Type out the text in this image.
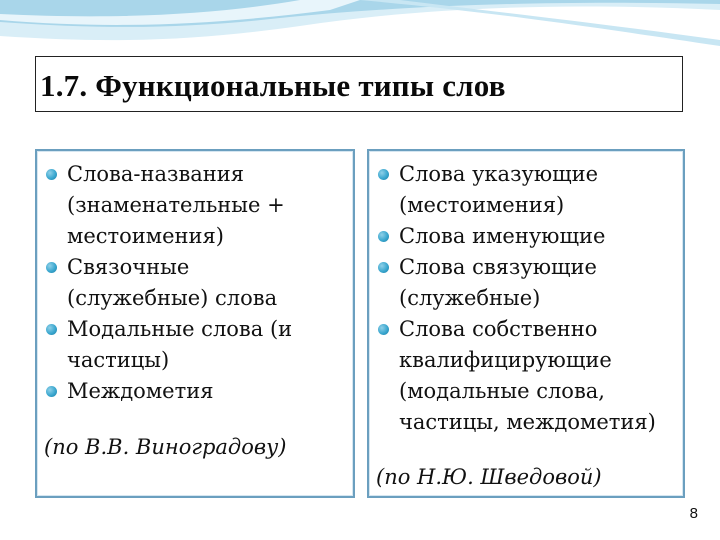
1.7. Функциональные типы слов
Слова-названия (знаменательные + местоимения)
Связочные (служебные) слова
Модальные слова (и частицы)
Междометия
(по В.В. Виноградову)
Слова указующие (местоимения)
Слова именующие
Слова связующие (служебные)
Слова собственно квалифицирующие (модальные слова, частицы, междометия)
(по Н.Ю. Шведовой)
8
